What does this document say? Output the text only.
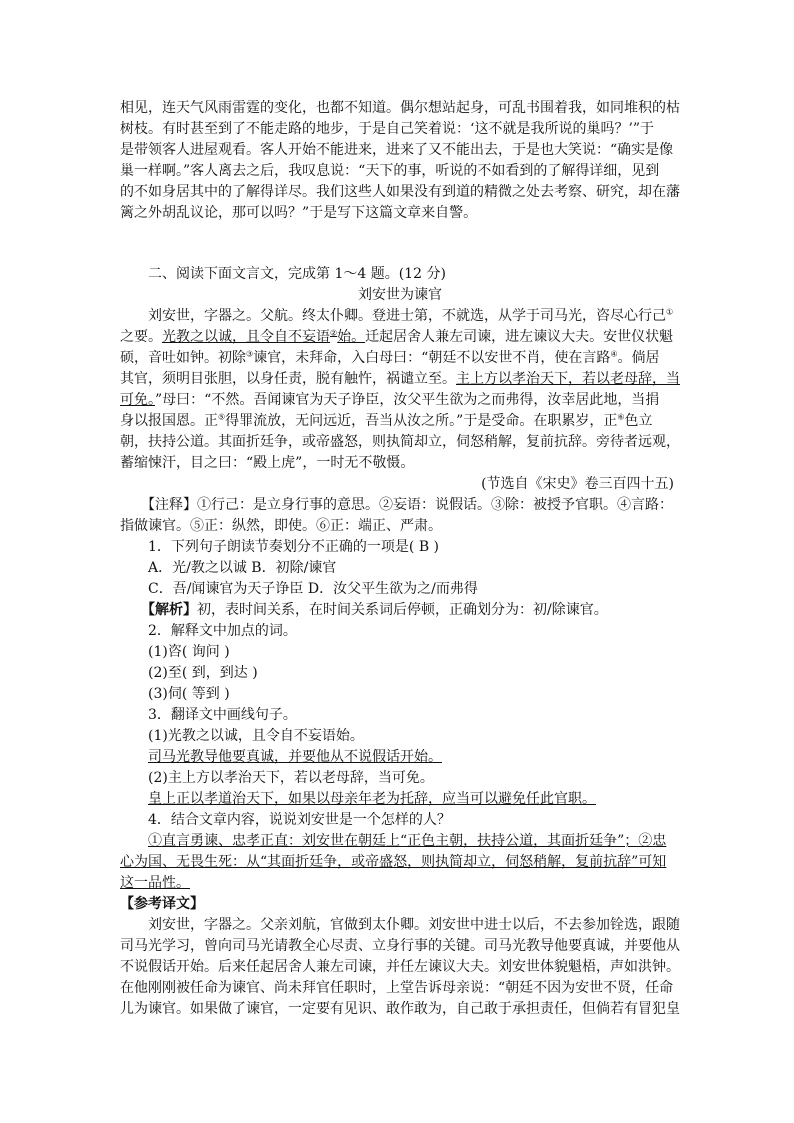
相见，连天气风雨雷霆的变化，也都不知道。偶尔想站起身，可乱书围着我，如同堆积的枯
树枝。有时甚至到了不能走路的地步，于是自己笑着说：‘这不就是我所说的巢吗？’”于
是带领客人进屋观看。客人开始不能进来，进来了又不能出去，于是也大笑说：“确实是像
巢一样啊。”客人离去之后，我叹息说：“天下的事，听说的不如看到的了解得详细，见到
的不如身居其中的了解得详尽。我们这些人如果没有到道的精微之处去考察、研究，却在藩
篱之外胡乱议论，那可以吗？”于是写下这篇文章来自警。
二、阅读下面文言文，完成第 1～4 题。(12 分)
刘安世为谏官
刘安世，字器之。父航。终太仆卿。登进士第，不就选，从学于司马光，咨尽心行己①
之要。光教之以诚，且令自不妄语②始。迁起居舍人兼左司谏，进左谏议大夫。安世仪状魁
硕，音吐如钟。初除③谏官，未拜命，入白母曰：“朝廷不以安世不肖，使在言路④。倘居
其官，须明目张胆，以身任责，脱有触忤，祸谴立至。主上方以孝治天下，若以老母辞，当
可免。”母曰：“不然。吾闻谏官为天子诤臣，汝父平生欲为之而弗得，汝幸居此地，当捐
身以报国恩。正⑤得罪流放，无问远近，吾当从汝之所。”于是受命。在职累岁，正⑥色立
朝，扶持公道。其面折廷争，或帝盛怒，则执简却立，伺怒稍解，复前抗辞。旁待者远观，
蓄缩悚汗，目之曰：“殿上虎”，一时无不敬慑。
(节选自《宋史》卷三百四十五)
【注释】①行己：是立身行事的意思。②妄语：说假话。③除：被授予官职。④言路：
指做谏官。⑤正：纵然，即使。⑥正：端正、严肃。
1．下列句子朗读节奏划分不正确的一项是( B )
A．光/教之以诚 B．初除/谏官
C．吾/闻谏官为天子诤臣 D．汝父平生欲为之/而弗得
【解析】初，表时间关系，在时间关系词后停顿，正确划分为：初/除谏官。
2．解释文中加点的词。
(1)咨( 询问 )
(2)至( 到，到达 )
(3)伺( 等到 )
3．翻译文中画线句子。
(1)光教之以诚，且令自不妄语始。
司马光教导他要真诚，并要他从不说假话开始。
(2)主上方以孝治天下，若以老母辞，当可免。
皇上正以孝道治天下，如果以母亲年老为托辞，应当可以避免任此官职。
4．结合文章内容，说说刘安世是一个怎样的人？
①直言勇谏、忠孝正直：刘安世在朝廷上“正色主朝，扶持公道，其面折廷争”；②忠
心为国、无畏生死：从“其面折廷争，或帝盛怒，则执简却立，伺怒稍解，复前抗辞”可知
这一品性。
【参考译文】
刘安世，字器之。父亲刘航，官做到太仆卿。刘安世中进士以后，不去参加铨选，跟随
司马光学习，曾向司马光请教全心尽责、立身行事的关键。司马光教导他要真诚，并要他从
不说假话开始。后来任起居舍人兼左司谏，并任左谏议大夫。刘安世体貌魁梧，声如洪钟。
在他刚刚被任命为谏官、尚未拜官任职时，上堂告诉母亲说：“朝廷不因为安世不贤，任命
儿为谏官。如果做了谏官，一定要有见识、敢作敢为，自己敢于承担责任，但倘若有冒犯皇
